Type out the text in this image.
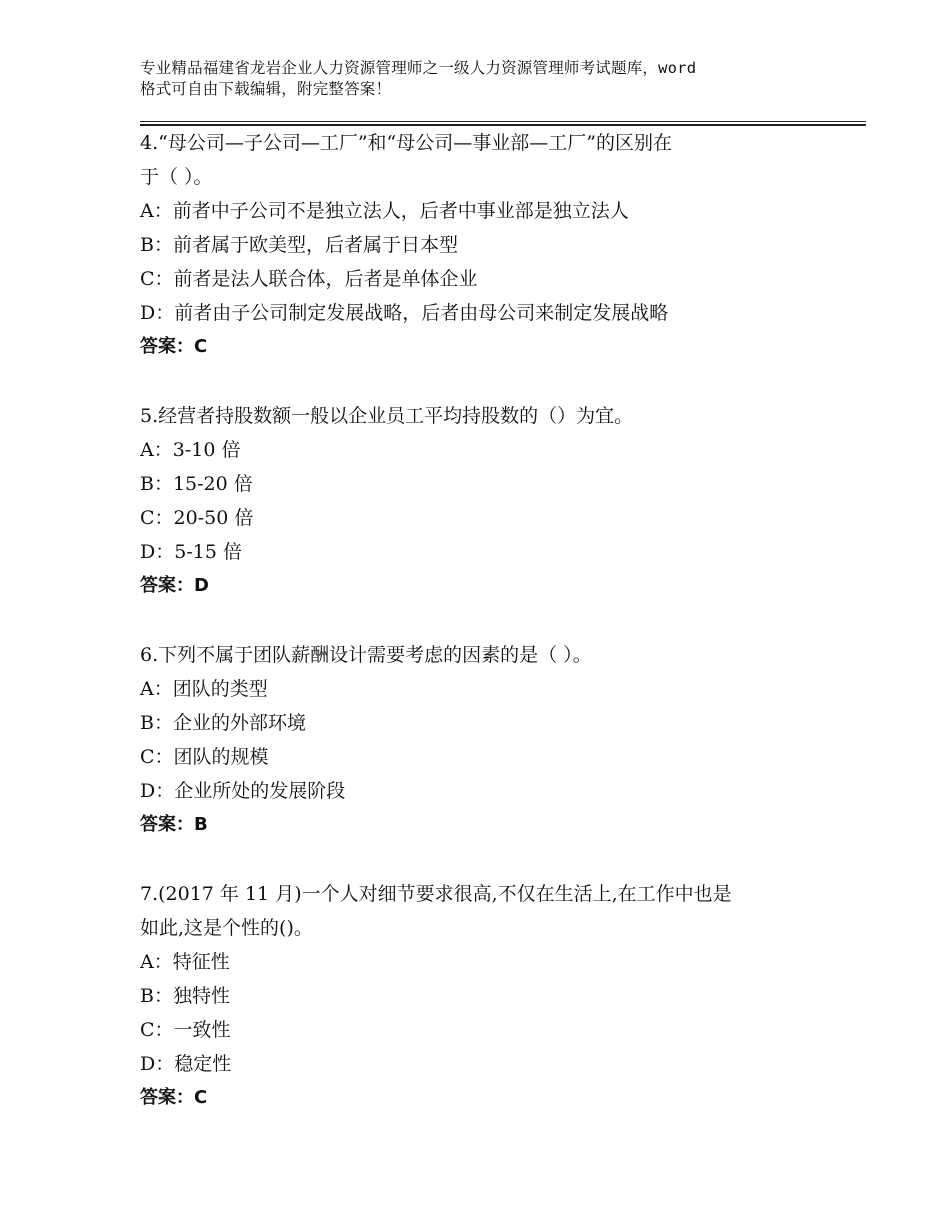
专业精品福建省龙岩企业人力资源管理师之一级人力资源管理师考试题库，word
格式可自由下载编辑，附完整答案！
4.“母公司—子公司—工厂”和“母公司—事业部—工厂”的区别在
于（ ）。
A：前者中子公司不是独立法人，后者中事业部是独立法人
B：前者属于欧美型，后者属于日本型
C：前者是法人联合体，后者是单体企业
D：前者由子公司制定发展战略，后者由母公司来制定发展战略
答案：C
5.经营者持股数额一般以企业员工平均持股数的（）为宜。
A：3-10 倍
B：15-20 倍
C：20-50 倍
D：5-15 倍
答案：D
6.下列不属于团队薪酬设计需要考虑的因素的是（ ）。
A：团队的类型
B：企业的外部环境
C：团队的规模
D：企业所处的发展阶段
答案：B
7.(2017 年 11 月)一个人对细节要求很高,不仅在生活上,在工作中也是
如此,这是个性的()。
A：特征性
B：独特性
C：一致性
D：稳定性
答案：C
